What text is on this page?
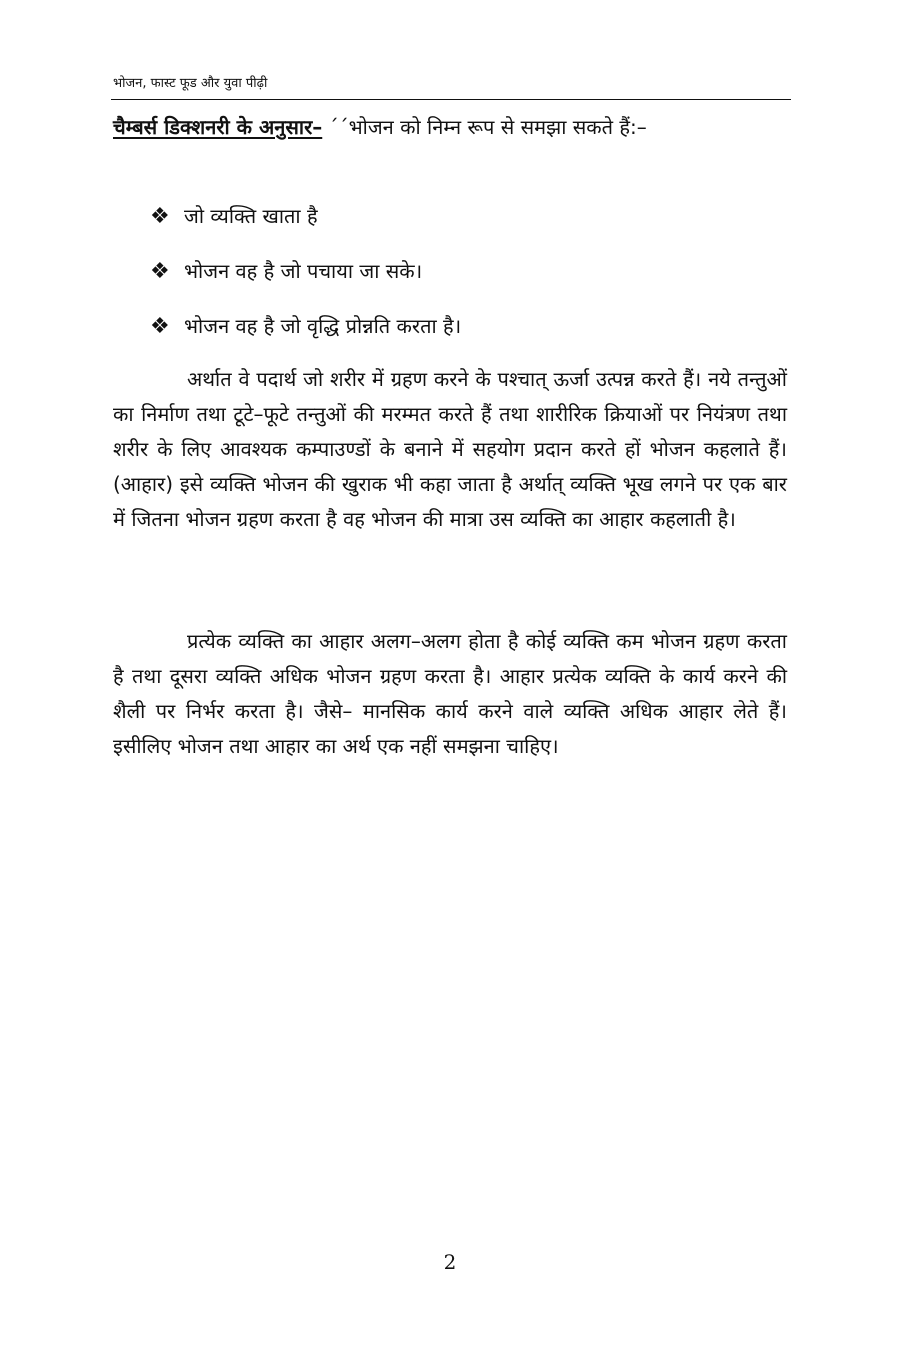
भोजन, फास्ट फूड और युवा पीढ़ी
चैम्बर्स डिक्शनरी के अनुसार– ´´भोजन को निम्न रूप से समझा सकते हैं:–
❖ जो व्यक्ति खाता है
❖ भोजन वह है जो पचाया जा सके।
❖ भोजन वह है जो वृद्धि प्रोन्नति करता है।
अर्थात वे पदार्थ जो शरीर में ग्रहण करने के पश्चात् ऊर्जा उत्पन्न करते हैं। नये तन्तुओं का निर्माण तथा टूटे–फूटे तन्तुओं की मरम्मत करते हैं तथा शारीरिक क्रियाओं पर नियंत्रण तथा शरीर के लिए आवश्यक कम्पाउण्डों के बनाने में सहयोग प्रदान करते हों भोजन कहलाते हैं। (आहार) इसे व्यक्ति भोजन की खुराक भी कहा जाता है अर्थात् व्यक्ति भूख लगने पर एक बार में जितना भोजन ग्रहण करता है वह भोजन की मात्रा उस व्यक्ति का आहार कहलाती है।
प्रत्येक व्यक्ति का आहार अलग–अलग होता है कोई व्यक्ति कम भोजन ग्रहण करता है तथा दूसरा व्यक्ति अधिक भोजन ग्रहण करता है। आहार प्रत्येक व्यक्ति के कार्य करने की शैली पर निर्भर करता है। जैसे– मानसिक कार्य करने वाले व्यक्ति अधिक आहार लेते हैं। इसीलिए भोजन तथा आहार का अर्थ एक नहीं समझना चाहिए।
2
